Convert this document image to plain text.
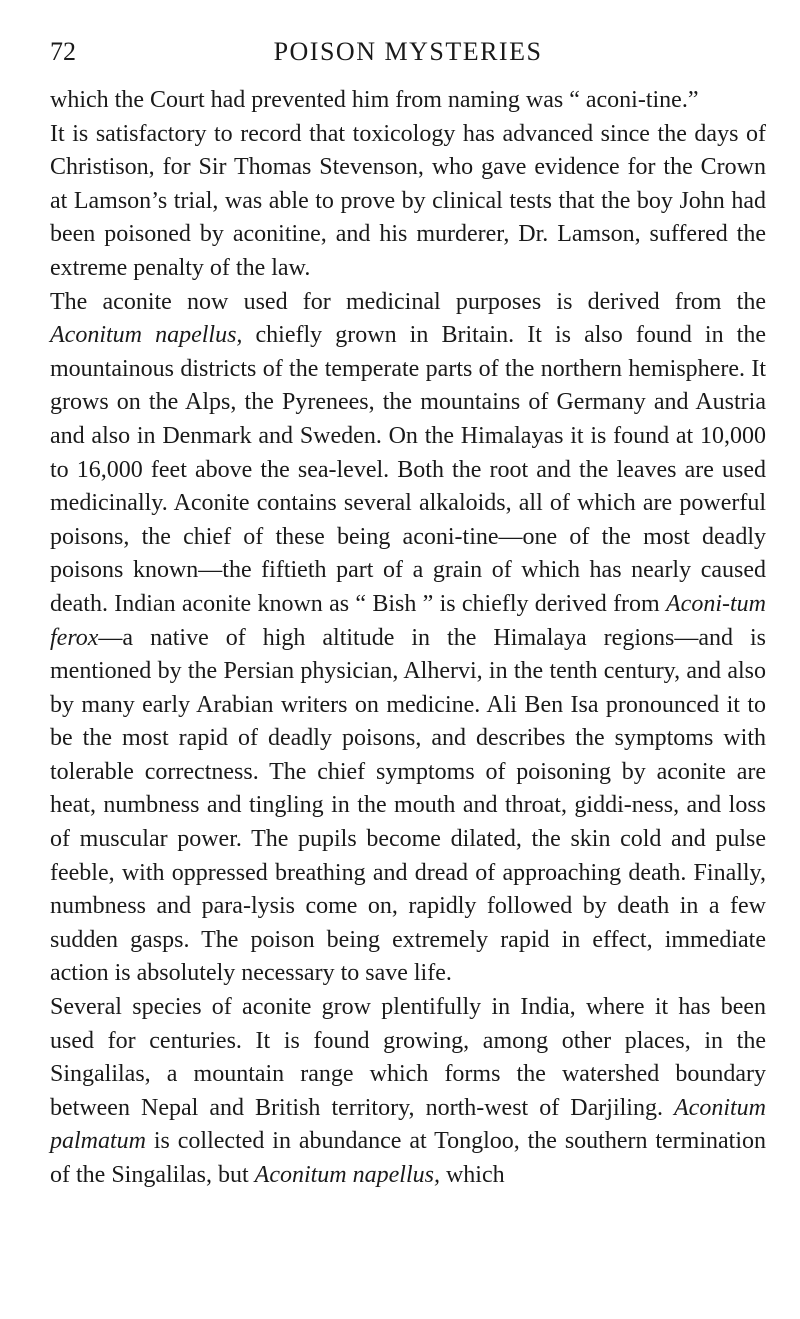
72	POISON MYSTERIES

which the Court had prevented him from naming was “ aconi-tine.”

It is satisfactory to record that toxicology has advanced since the days of Christison, for Sir Thomas Stevenson, who gave evidence for the Crown at Lamson’s trial, was able to prove by clinical tests that the boy John had been poisoned by aconitine, and his murderer, Dr. Lamson, suffered the extreme penalty of the law.

The aconite now used for medicinal purposes is derived from the Aconitum napellus, chiefly grown in Britain. It is also found in the mountainous districts of the temperate parts of the northern hemisphere. It grows on the Alps, the Pyrenees, the mountains of Germany and Austria and also in Denmark and Sweden. On the Himalayas it is found at 10,000 to 16,000 feet above the sea-level. Both the root and the leaves are used medicinally. Aconite contains several alkaloids, all of which are powerful poisons, the chief of these being aconi-tine—one of the most deadly poisons known—the fiftieth part of a grain of which has nearly caused death. Indian aconite known as “ Bish ” is chiefly derived from Aconi-tum ferox—a native of high altitude in the Himalaya regions—and is mentioned by the Persian physician, Alhervi, in the tenth century, and also by many early Arabian writers on medicine. Ali Ben Isa pronounced it to be the most rapid of deadly poisons, and describes the symptoms with tolerable correctness. The chief symptoms of poisoning by aconite are heat, numbness and tingling in the mouth and throat, giddi-ness, and loss of muscular power. The pupils become dilated, the skin cold and pulse feeble, with oppressed breathing and dread of approaching death. Finally, numbness and para-lysis come on, rapidly followed by death in a few sudden gasps. The poison being extremely rapid in effect, immediate action is absolutely necessary to save life.

Several species of aconite grow plentifully in India, where it has been used for centuries. It is found growing, among other places, in the Singalilas, a mountain range which forms the watershed boundary between Nepal and British territory, north-west of Darjiling. Aconitum palmatum is collected in abundance at Tongloo, the southern termination of the Singalilas, but Aconitum napellus, which
